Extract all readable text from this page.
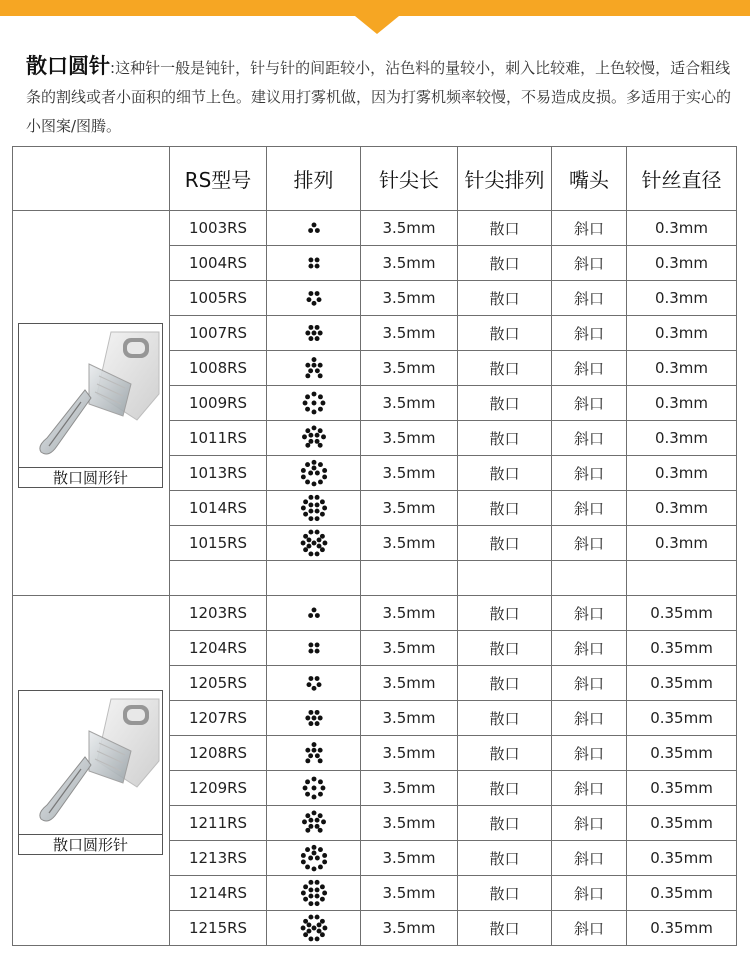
散口圆针:这种针一般是钝针，针与针的间距较小，沾色料的量较小，刺入比较难，上色较慢，适合粗线条的割线或者小面积的细节上色。建议用打雾机做，因为打雾机频率较慢，不易造成皮损。多适用于实心的小图案/图腾。
	RS型号	排列	针尖长	针尖排列	嘴头	针丝直径

散口圆形针	1003RS		3.5mm	散口	斜口	0.3mm
	1004RS		3.5mm	散口	斜口	0.3mm
	1005RS		3.5mm	散口	斜口	0.3mm
	1007RS		3.5mm	散口	斜口	0.3mm
	1008RS		3.5mm	散口	斜口	0.3mm
	1009RS		3.5mm	散口	斜口	0.3mm
	1011RS		3.5mm	散口	斜口	0.3mm
	1013RS		3.5mm	散口	斜口	0.3mm
	1014RS		3.5mm	散口	斜口	0.3mm
	1015RS		3.5mm	散口	斜口	0.3mm

散口圆形针	1203RS		3.5mm	散口	斜口	0.35mm
	1204RS		3.5mm	散口	斜口	0.35mm
	1205RS		3.5mm	散口	斜口	0.35mm
	1207RS		3.5mm	散口	斜口	0.35mm
	1208RS		3.5mm	散口	斜口	0.35mm
	1209RS		3.5mm	散口	斜口	0.35mm
	1211RS		3.5mm	散口	斜口	0.35mm
	1213RS		3.5mm	散口	斜口	0.35mm
	1214RS		3.5mm	散口	斜口	0.35mm
	1215RS		3.5mm	散口	斜口	0.35mm
